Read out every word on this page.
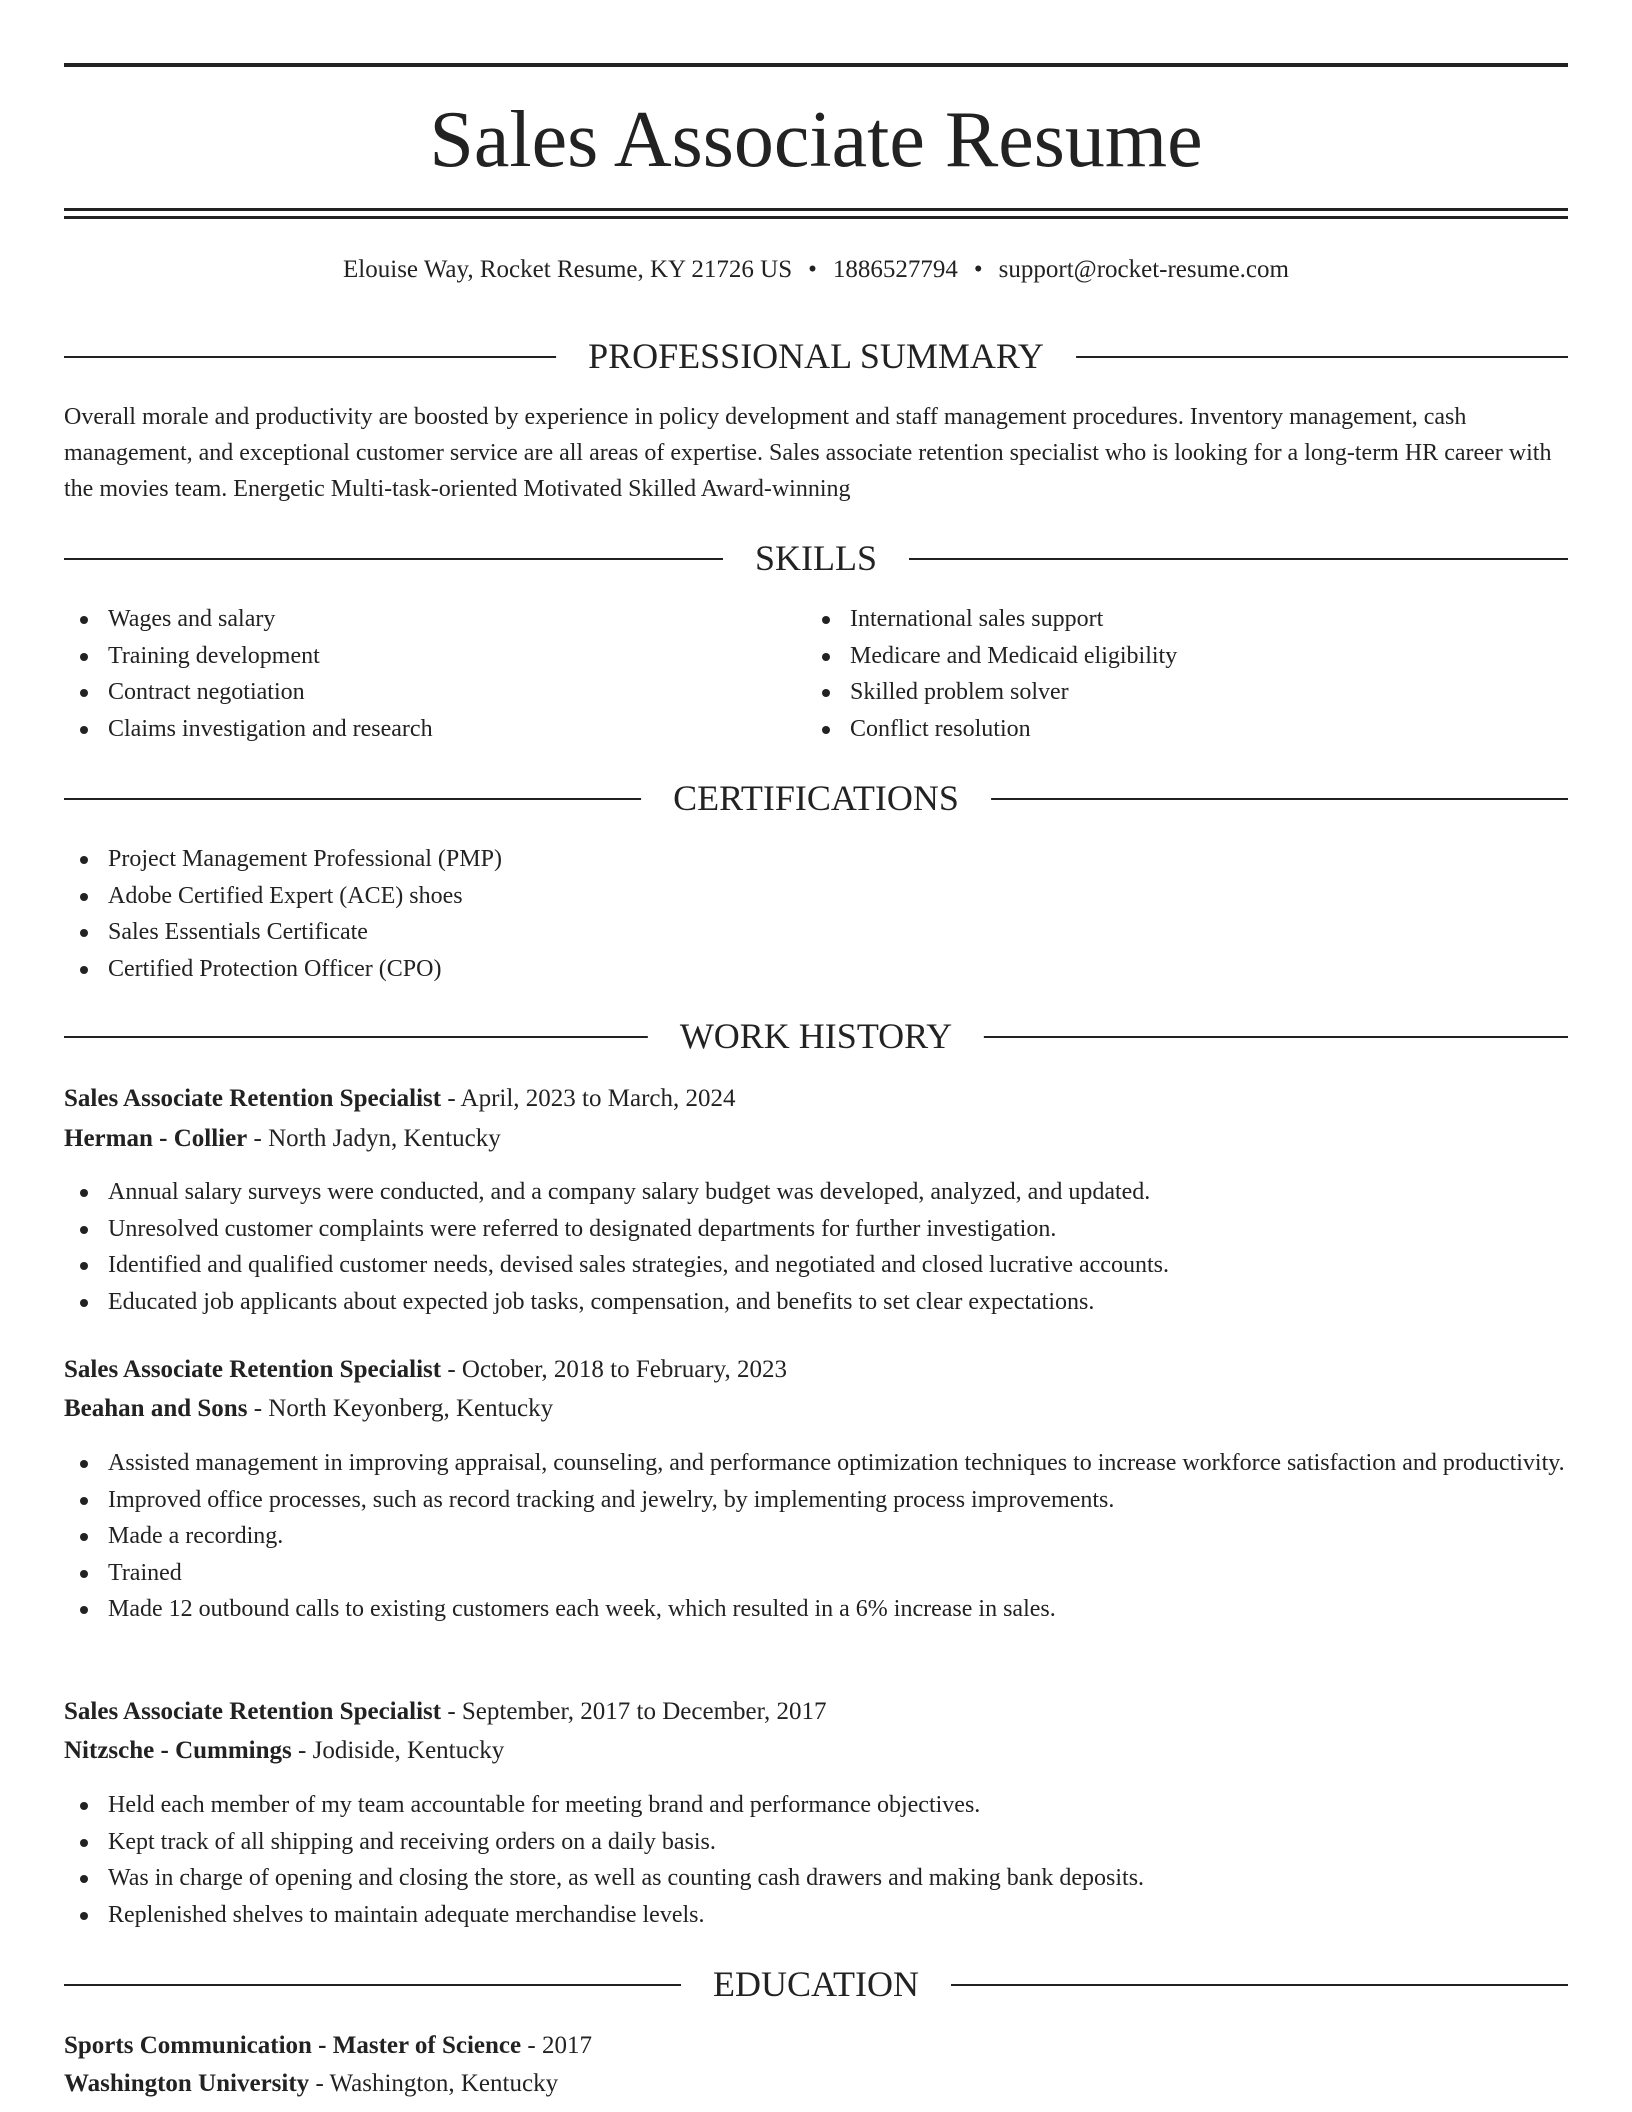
Sales Associate Resume
Elouise Way, Rocket Resume, KY 21726 US • 1886527794 • support@rocket-resume.com
PROFESSIONAL SUMMARY
Overall morale and productivity are boosted by experience in policy development and staff management procedures. Inventory management, cash management, and exceptional customer service are all areas of expertise. Sales associate retention specialist who is looking for a long-term HR career with the movies team. Energetic Multi-task-oriented Motivated Skilled Award-winning
SKILLS
Wages and salary
Training development
Contract negotiation
Claims investigation and research
International sales support
Medicare and Medicaid eligibility
Skilled problem solver
Conflict resolution
CERTIFICATIONS
Project Management Professional (PMP)
Adobe Certified Expert (ACE) shoes
Sales Essentials Certificate
Certified Protection Officer (CPO)
WORK HISTORY
Sales Associate Retention Specialist - April, 2023 to March, 2024
Herman - Collier - North Jadyn, Kentucky
Annual salary surveys were conducted, and a company salary budget was developed, analyzed, and updated.
Unresolved customer complaints were referred to designated departments for further investigation.
Identified and qualified customer needs, devised sales strategies, and negotiated and closed lucrative accounts.
Educated job applicants about expected job tasks, compensation, and benefits to set clear expectations.
Sales Associate Retention Specialist - October, 2018 to February, 2023
Beahan and Sons - North Keyonberg, Kentucky
Assisted management in improving appraisal, counseling, and performance optimization techniques to increase workforce satisfaction and productivity.
Improved office processes, such as record tracking and jewelry, by implementing process improvements.
Made a recording.
Trained
Made 12 outbound calls to existing customers each week, which resulted in a 6% increase in sales.
Sales Associate Retention Specialist - September, 2017 to December, 2017
Nitzsche - Cummings - Jodiside, Kentucky
Held each member of my team accountable for meeting brand and performance objectives.
Kept track of all shipping and receiving orders on a daily basis.
Was in charge of opening and closing the store, as well as counting cash drawers and making bank deposits.
Replenished shelves to maintain adequate merchandise levels.
EDUCATION
Sports Communication - Master of Science - 2017
Washington University - Washington, Kentucky
